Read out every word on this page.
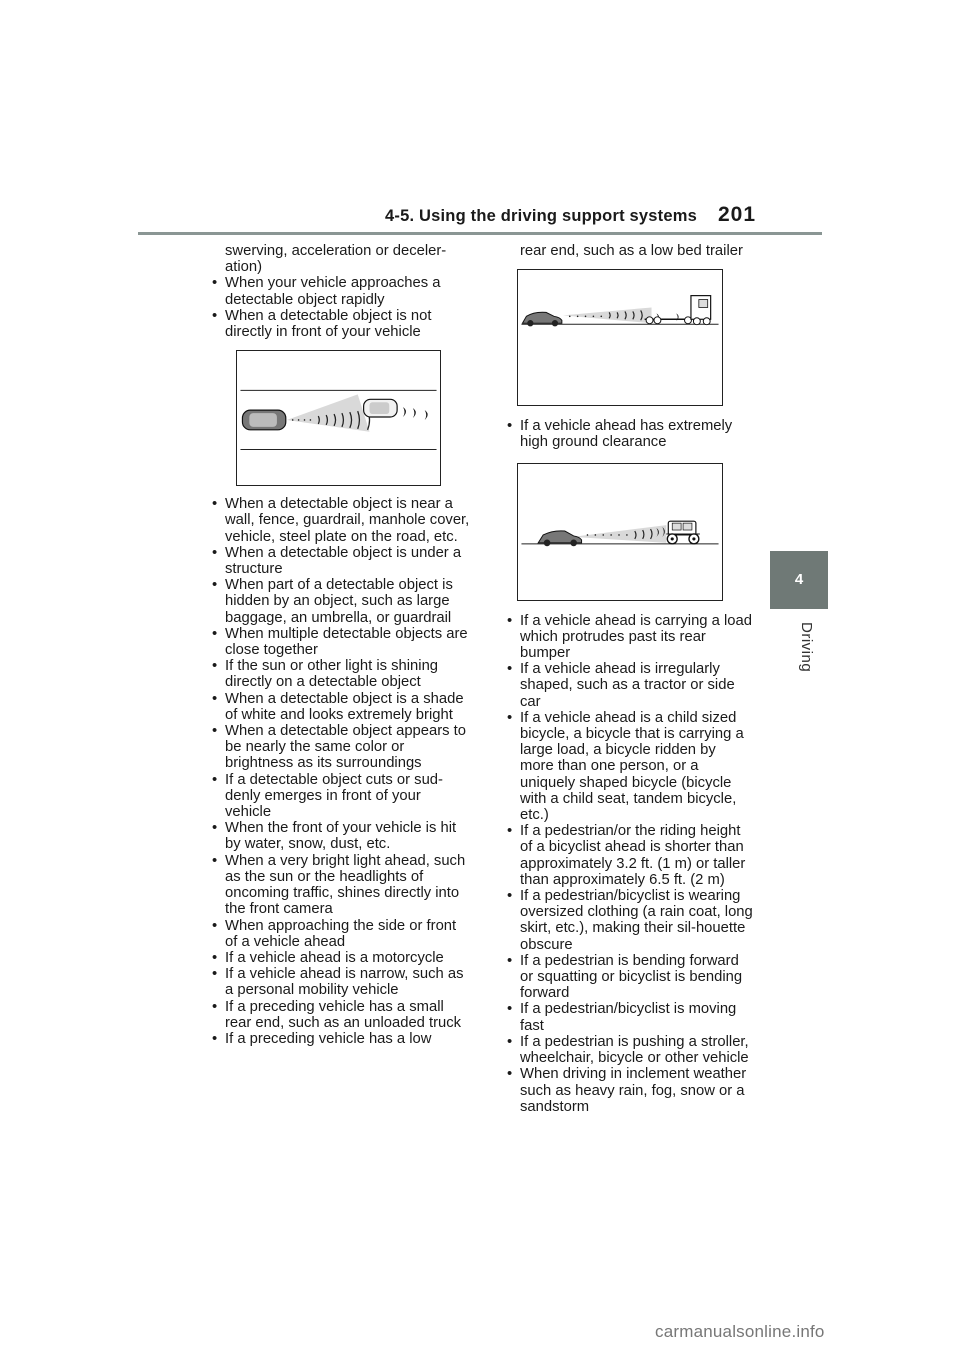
4-5. Using the driving support systems 201
4
Driving

swerving, acceleration or deceler-ation)

• When your vehicle approaches a detectable object rapidly
• When a detectable object is not directly in front of your vehicle
• When a detectable object is near a wall, fence, guardrail, manhole cover, vehicle, steel plate on the road, etc.
• When a detectable object is under a structure
• When part of a detectable object is hidden by an object, such as large baggage, an umbrella, or guardrail
• When multiple detectable objects are close together
• If the sun or other light is shining directly on a detectable object
• When a detectable object is a shade of white and looks extremely bright
• When a detectable object appears to be nearly the same color or brightness as its surroundings
• If a detectable object cuts or sud-denly emerges in front of your vehicle
• When the front of your vehicle is hit by water, snow, dust, etc.
• When a very bright light ahead, such as the sun or the headlights of oncoming traffic, shines directly into the front camera
• When approaching the side or front of a vehicle ahead
• If a vehicle ahead is a motorcycle
• If a vehicle ahead is narrow, such as a personal mobility vehicle
• If a preceding vehicle has a small rear end, such as an unloaded truck
• If a preceding vehicle has a low

rear end, such as a low bed trailer

• If a vehicle ahead has extremely high ground clearance
• If a vehicle ahead is carrying a load which protrudes past its rear bumper
• If a vehicle ahead is irregularly shaped, such as a tractor or side car
• If a vehicle ahead is a child sized bicycle, a bicycle that is carrying a large load, a bicycle ridden by more than one person, or a uniquely shaped bicycle (bicycle with a child seat, tandem bicycle, etc.)
• If a pedestrian/or the riding height of a bicyclist ahead is shorter than approximately 3.2 ft. (1 m) or taller than approximately 6.5 ft. (2 m)
• If a pedestrian/bicyclist is wearing oversized clothing (a rain coat, long skirt, etc.), making their sil-houette obscure
• If a pedestrian is bending forward or squatting or bicyclist is bending forward
• If a pedestrian/bicyclist is moving fast
• If a pedestrian is pushing a stroller, wheelchair, bicycle or other vehicle
• When driving in inclement weather such as heavy rain, fog, snow or a sandstorm
carmanualsonline.info
